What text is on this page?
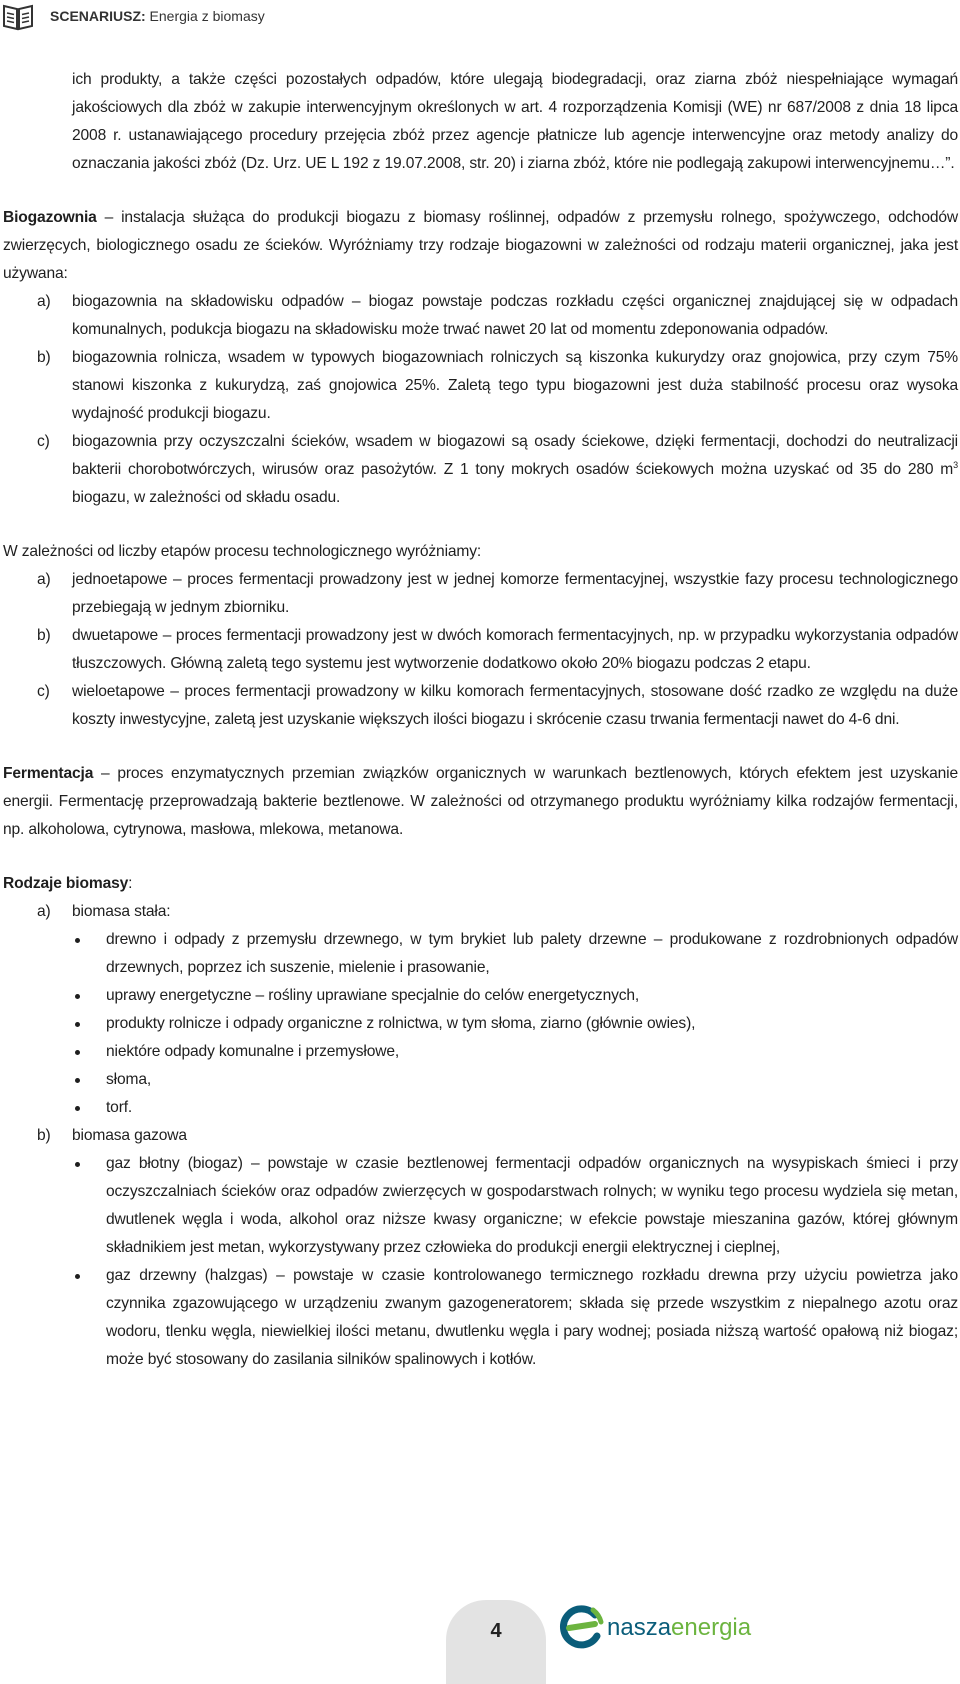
SCENARIUSZ: Energia z biomasy

ich produkty, a także części pozostałych odpadów, które ulegają biodegradacji, oraz ziarna zbóż niespełniające wymagań jakościowych dla zbóż w zakupie interwencyjnym określonych w art. 4 rozporządzenia Komisji (WE) nr 687/2008 z dnia 18 lipca 2008 r. ustanawiającego procedury przejęcia zbóż przez agencje płatnicze lub agencje interwencyjne oraz metody analizy do oznaczania jakości zbóż (Dz. Urz. UE L 192 z 19.07.2008, str. 20) i ziarna zbóż, które nie podlegają zakupowi interwencyjnemu…”.

Biogazownia – instalacja służąca do produkcji biogazu z biomasy roślinnej, odpadów z przemysłu rolnego, spożywczego, odchodów zwierzęcych, biologicznego osadu ze ścieków. Wyróżniamy trzy rodzaje biogazowni w zależności od rodzaju materii organicznej, jaka jest używana:

a) biogazownia na składowisku odpadów – biogaz powstaje podczas rozkładu części organicznej znajdującej się w odpadach komunalnych, podukcja biogazu na składowisku może trwać nawet 20 lat od momentu zdeponowania odpadów.
b) biogazownia rolnicza, wsadem w typowych biogazowniach rolniczych są kiszonka kukurydzy oraz gnojowica, przy czym 75% stanowi kiszonka z kukurydzą, zaś gnojowica 25%. Zaletą tego typu biogazowni jest duża stabilność procesu oraz wysoka wydajność produkcji biogazu.
c) biogazownia przy oczyszczalni ścieków, wsadem w biogazowi są osady ściekowe, dzięki fermentacji, dochodzi do neutralizacji bakterii chorobotwórczych, wirusów oraz pasożytów. Z 1 tony mokrych osadów ściekowych można uzyskać od 35 do 280 $m^3$ biogazu, w zależności od składu osadu.

W zależności od liczby etapów procesu technologicznego wyróżniamy:

a) jednoetapowe – proces fermentacji prowadzony jest w jednej komorze fermentacyjnej, wszystkie fazy procesu technologicznego przebiegają w jednym zbiorniku.
b) dwuetapowe – proces fermentacji prowadzony jest w dwóch komorach fermentacyjnych, np. w przypadku wykorzystania odpadów tłuszczowych. Główną zaletą tego systemu jest wytworzenie dodatkowo około 20% biogazu podczas 2 etapu.
c) wieloetapowe – proces fermentacji prowadzony w kilku komorach fermentacyjnych, stosowane dość rzadko ze względu na duże koszty inwestycyjne, zaletą jest uzyskanie większych ilości biogazu i skrócenie czasu trwania fermentacji nawet do 4-6 dni.

Fermentacja – proces enzymatycznych przemian związków organicznych w warunkach beztlenowych, których efektem jest uzyskanie energii. Fermentację przeprowadzają bakterie beztlenowe. W zależności od otrzymanego produktu wyróżniamy kilka rodzajów fermentacji, np. alkoholowa, cytrynowa, masłowa, mlekowa, metanowa.

Rodzaje biomasy:

a) biomasa stała:
drewno i odpady z przemysłu drzewnego, w tym brykiet lub palety drzewne – produkowane z rozdrobnionych odpadów drzewnych, poprzez ich suszenie, mielenie i prasowanie,
uprawy energetyczne – rośliny uprawiane specjalnie do celów energetycznych,
produkty rolnicze i odpady organiczne z rolnictwa, w tym słoma, ziarno (głównie owies),
niektóre odpady komunalne i przemysłowe,
słoma,
torf.
b) biomasa gazowa
gaz błotny (biogaz) – powstaje w czasie beztlenowej fermentacji odpadów organicznych na wysypiskach śmieci i przy oczyszczalniach ścieków oraz odpadów zwierzęcych w gospodarstwach rolnych; w wyniku tego procesu wydziela się metan, dwutlenek węgla i woda, alkohol oraz niższe kwasy organiczne; w efekcie powstaje mieszanina gazów, której głównym składnikiem jest metan, wykorzystywany przez człowieka do produkcji energii elektrycznej i cieplnej,
gaz drzewny (halzgas) – powstaje w czasie kontrolowanego termicznego rozkładu drewna przy użyciu powietrza jako czynnika zgazowującego w urządzeniu zwanym gazogeneratorem; składa się przede wszystkim z niepalnego azotu oraz wodoru, tlenku węgla, niewielkiej ilości metanu, dwutlenku węgla i pary wodnej; posiada niższą wartość opałową niż biogaz; może być stosowany do zasilania silników spalinowych i kotłów.
4	naszaenergia
